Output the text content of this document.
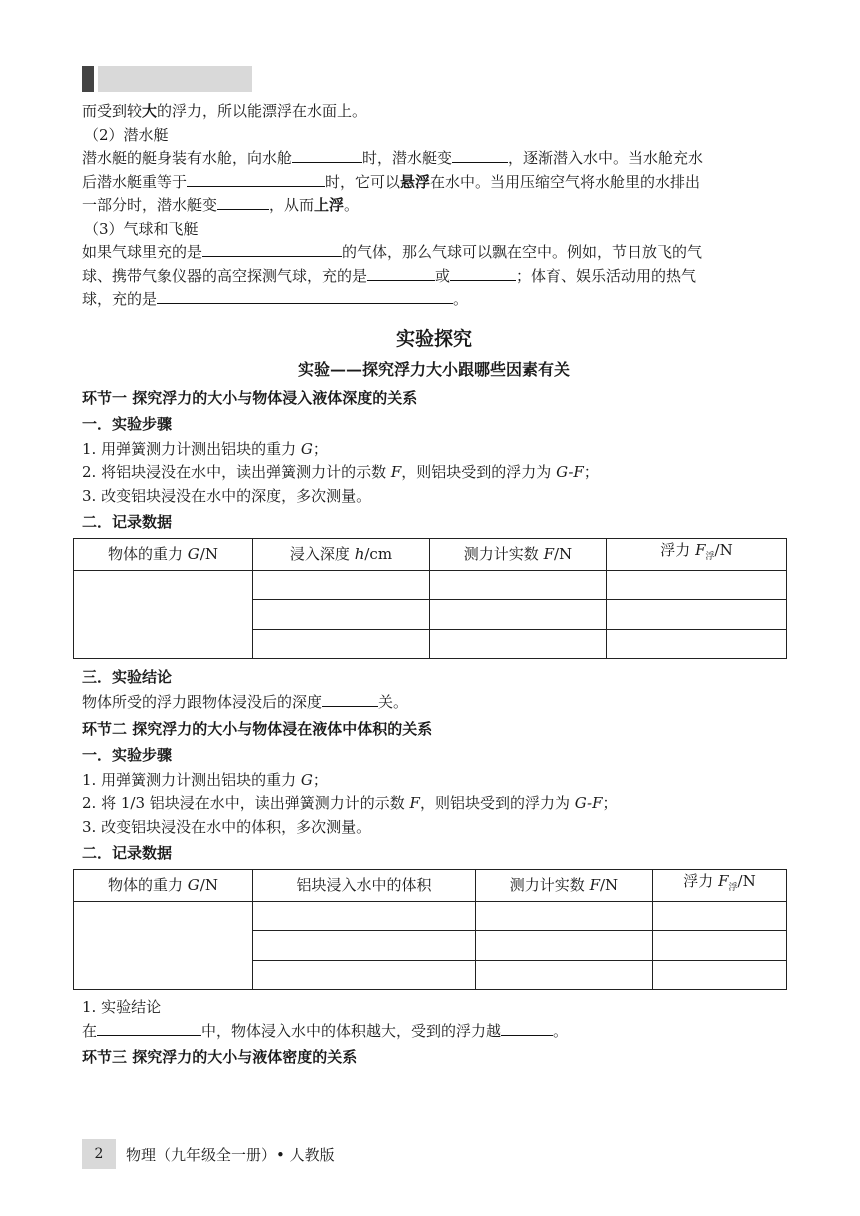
而受到较大的浮力，所以能漂浮在水面上。

（2）潜水艇

潜水艇的艇身装有水舱，向水舱	时，潜水艇变	，逐渐潜入水中。当水舱充水
后潜水艇重等于	时，它可以悬浮在水中。当用压缩空气将水舱里的水排出
一部分时，潜水艇变	，从而上浮。

（3）气球和飞艇

如果气球里充的是	的气体，那么气球可以飘在空中。例如，节日放飞的气
球、携带气象仪器的高空探测气球，充的是	或	；体育、娱乐活动用的热气
球，充的是	。

实验探究
实验——探究浮力大小跟哪些因素有关
环节一 探究浮力的大小与物体浸入液体深度的关系
一．实验步骤

1. 用弹簧测力计测出铝块的重力 G；

2. 将铝块浸没在水中，读出弹簧测力计的示数 F，则铝块受到的浮力为 G-F；

3. 改变铝块浸没在水中的深度，多次测量。

二．记录数据
物体的重力 G/N	浸入深度 h/cm	测力计实数 F/N	浮力 $F_浮/N$

三．实验结论

物体所受的浮力跟物体浸没后的深度	关。

环节二 探究浮力的大小与物体浸在液体中体积的关系
一．实验步骤

1. 用弹簧测力计测出铝块的重力 G；

2. 将 1/3 铝块浸在水中，读出弹簧测力计的示数 F，则铝块受到的浮力为 G-F；

3. 改变铝块浸没在水中的体积，多次测量。

二．记录数据
物体的重力 G/N	铝块浸入水中的体积	测力计实数 F/N	浮力 $F_浮/N$

1. 实验结论

在	中，物体浸入水中的体积越大，受到的浮力越	。

环节三 探究浮力的大小与液体密度的关系
2 物理（九年级全一册）• 人教版
